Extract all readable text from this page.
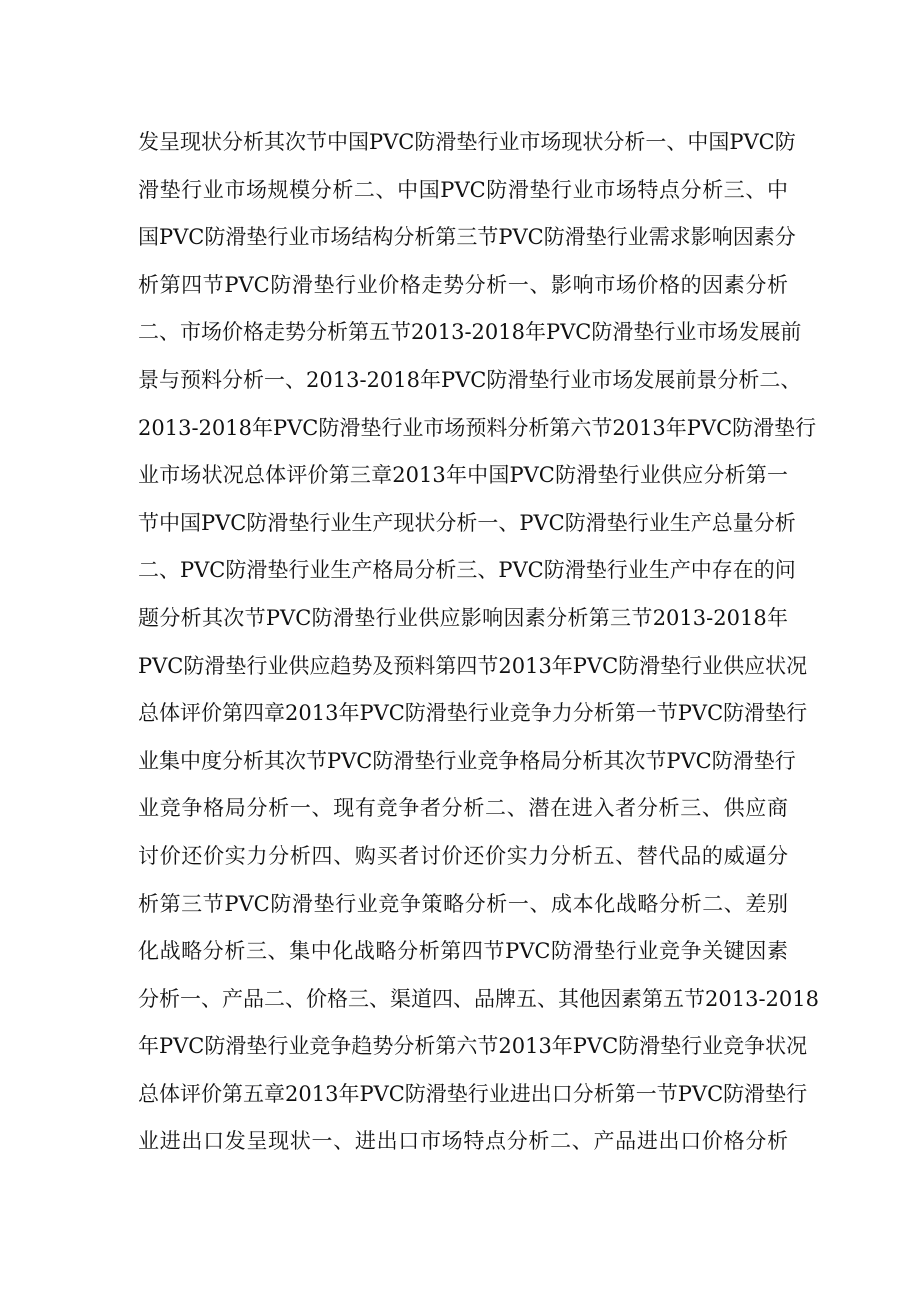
发呈现状分析其次节中国PVC防滑垫行业市场现状分析一、中国PVC防
滑垫行业市场规模分析二、中国PVC防滑垫行业市场特点分析三、中
国PVC防滑垫行业市场结构分析第三节PVC防滑垫行业需求影响因素分
析第四节PVC防滑垫行业价格走势分析一、影响市场价格的因素分析
二、市场价格走势分析第五节2013-2018年PVC防滑垫行业市场发展前
景与预料分析一、2013-2018年PVC防滑垫行业市场发展前景分析二、
2013-2018年PVC防滑垫行业市场预料分析第六节2013年PVC防滑垫行
业市场状况总体评价第三章2013年中国PVC防滑垫行业供应分析第一
节中国PVC防滑垫行业生产现状分析一、PVC防滑垫行业生产总量分析
二、PVC防滑垫行业生产格局分析三、PVC防滑垫行业生产中存在的问
题分析其次节PVC防滑垫行业供应影响因素分析第三节2013-2018年
PVC防滑垫行业供应趋势及预料第四节2013年PVC防滑垫行业供应状况
总体评价第四章2013年PVC防滑垫行业竞争力分析第一节PVC防滑垫行
业集中度分析其次节PVC防滑垫行业竞争格局分析其次节PVC防滑垫行
业竞争格局分析一、现有竞争者分析二、潜在进入者分析三、供应商
讨价还价实力分析四、购买者讨价还价实力分析五、替代品的威逼分
析第三节PVC防滑垫行业竞争策略分析一、成本化战略分析二、差别
化战略分析三、集中化战略分析第四节PVC防滑垫行业竞争关键因素
分析一、产品二、价格三、渠道四、品牌五、其他因素第五节2013-2018
年PVC防滑垫行业竞争趋势分析第六节2013年PVC防滑垫行业竞争状况
总体评价第五章2013年PVC防滑垫行业进出口分析第一节PVC防滑垫行
业进出口发呈现状一、进出口市场特点分析二、产品进出口价格分析
